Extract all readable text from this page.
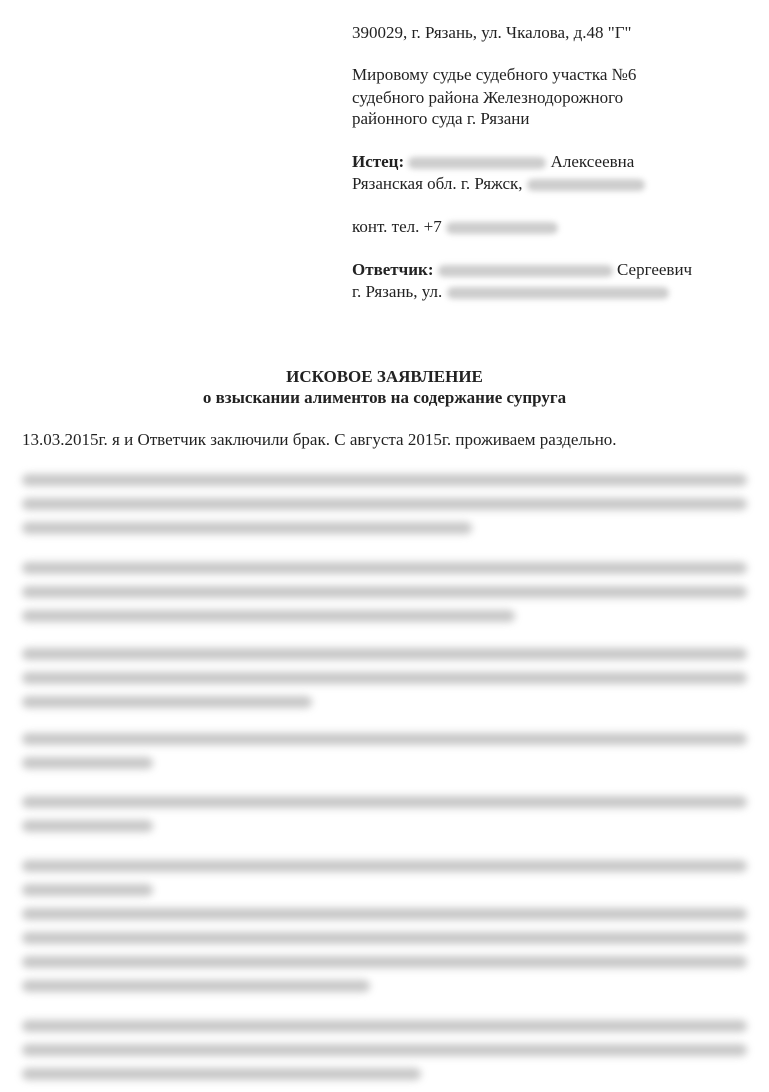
390029, г. Рязань, ул. Чкалова, д.48 "Г"
Мировому судье судебного участка №6
судебного района Железнодорожного
районного суда г. Рязани
Истец:	Алексеевна
Рязанская обл. г. Ряжск,
конт. тел. +7
Ответчик:	Сергеевич
г. Рязань, ул.
ИСКОВОЕ ЗАЯВЛЕНИЕ
о взыскании алиментов на содержание супруга
13.03.2015г. я и Ответчик заключили брак. С августа 2015г. проживаем раздельно.
